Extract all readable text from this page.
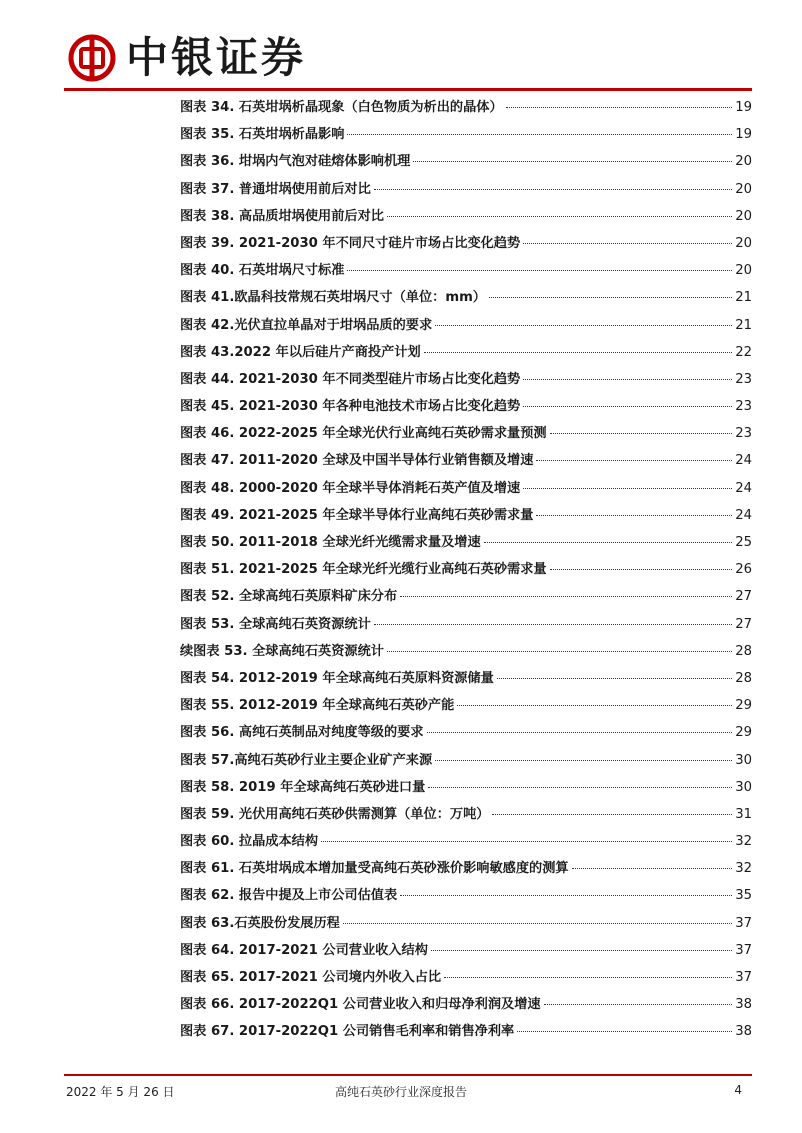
中银证券
图表 34. 石英坩埚析晶现象（白色物质为析出的晶体）	19
图表 35. 石英坩埚析晶影响	19
图表 36. 坩埚内气泡对硅熔体影响机理	20
图表 37. 普通坩埚使用前后对比	20
图表 38. 高品质坩埚使用前后对比	20
图表 39. 2021-2030 年不同尺寸硅片市场占比变化趋势	20
图表 40. 石英坩埚尺寸标准	20
图表 41.欧晶科技常规石英坩埚尺寸（单位：mm）	21
图表 42.光伏直拉单晶对于坩埚品质的要求	21
图表 43.2022 年以后硅片产商投产计划	22
图表 44. 2021-2030 年不同类型硅片市场占比变化趋势	23
图表 45. 2021-2030 年各种电池技术市场占比变化趋势	23
图表 46. 2022-2025 年全球光伏行业高纯石英砂需求量预测	23
图表 47. 2011-2020 全球及中国半导体行业销售额及增速	24
图表 48. 2000-2020 年全球半导体消耗石英产值及增速	24
图表 49. 2021-2025 年全球半导体行业高纯石英砂需求量	24
图表 50. 2011-2018 全球光纤光缆需求量及增速	25
图表 51. 2021-2025 年全球光纤光缆行业高纯石英砂需求量	26
图表 52. 全球高纯石英原料矿床分布	27
图表 53. 全球高纯石英资源统计	27
续图表 53. 全球高纯石英资源统计	28
图表 54. 2012-2019 年全球高纯石英原料资源储量	28
图表 55. 2012-2019 年全球高纯石英砂产能	29
图表 56. 高纯石英制品对纯度等级的要求	29
图表 57.高纯石英砂行业主要企业矿产来源	30
图表 58. 2019 年全球高纯石英砂进口量	30
图表 59. 光伏用高纯石英砂供需测算（单位：万吨）	31
图表 60. 拉晶成本结构	32
图表 61. 石英坩埚成本增加量受高纯石英砂涨价影响敏感度的测算	32
图表 62. 报告中提及上市公司估值表	35
图表 63.石英股份发展历程	37
图表 64. 2017-2021 公司营业收入结构	37
图表 65. 2017-2021 公司境内外收入占比	37
图表 66. 2017-2022Q1 公司营业收入和归母净利润及增速	38
图表 67. 2017-2022Q1 公司销售毛利率和销售净利率	38
2022 年 5 月 26 日	高纯石英砂行业深度报告	4
